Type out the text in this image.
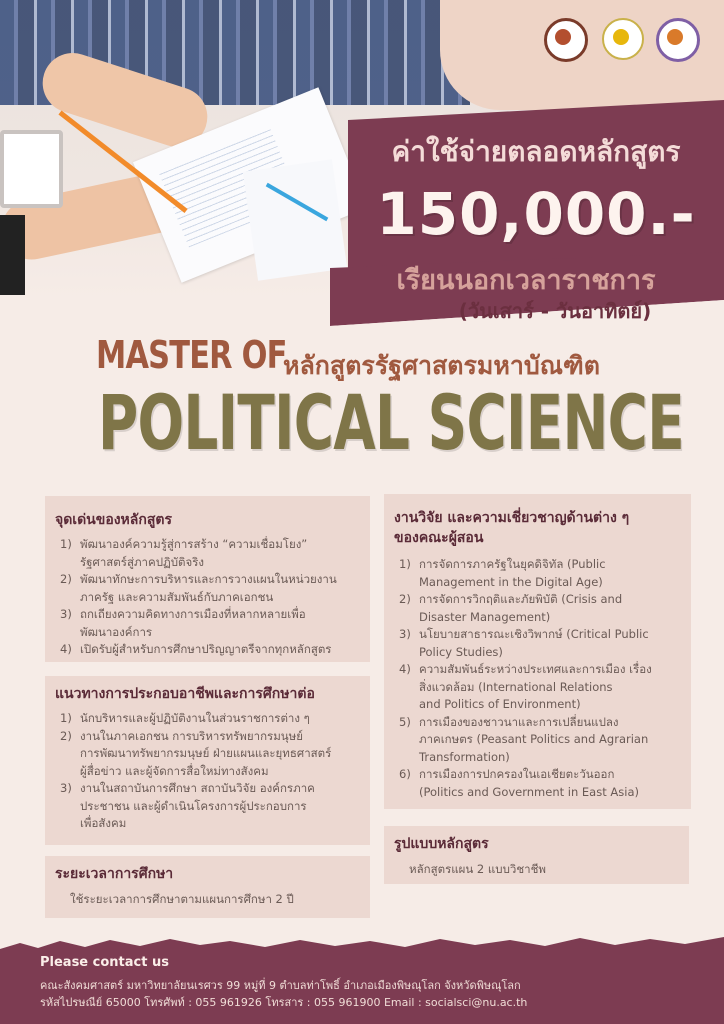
ค่าใช้จ่ายตลอดหลักสูตร
150,000.-
เรียนนอกเวลาราชการ
(วันเสาร์ - วันอาทิตย์)
MASTER OF
หลักสูตรรัฐศาสตรมหาบัณฑิต
POLITICAL SCIENCE
จุดเด่นของหลักสูตร
1) พัฒนาองค์ความรู้สู่การสร้าง “ความเชื่อมโยง”
รัฐศาสตร์สู่ภาคปฏิบัติจริง
2) พัฒนาทักษะการบริหารและการวางแผนในหน่วยงาน
ภาครัฐ และความสัมพันธ์กับภาคเอกชน
3) ถกเถียงความคิดทางการเมืองที่หลากหลายเพื่อ
พัฒนาองค์การ
4) เปิดรับผู้สำหรับการศึกษาปริญญาตรีจากทุกหลักสูตร
แนวทางการประกอบอาชีพและการศึกษาต่อ
1) นักบริหารและผู้ปฏิบัติงานในส่วนราชการต่าง ๆ
2) งานในภาคเอกชน การบริหารทรัพยากรมนุษย์
การพัฒนาทรัพยากรมนุษย์ ฝ่ายแผนและยุทธศาสตร์
ผู้สื่อข่าว และผู้จัดการสื่อใหม่ทางสังคม
3) งานในสถาบันการศึกษา สถาบันวิจัย องค์กรภาค
ประชาชน และผู้ดำเนินโครงการผู้ประกอบการ
เพื่อสังคม
ระยะเวลาการศึกษา
ใช้ระยะเวลาการศึกษาตามแผนการศึกษา 2 ปี
งานวิจัย และความเชี่ยวชาญด้านต่าง ๆ
ของคณะผู้สอน
1) การจัดการภาครัฐในยุคดิจิทัล (Public
Management in the Digital Age)
2) การจัดการวิกฤติและภัยพิบัติ (Crisis and
Disaster Management)
3) นโยบายสาธารณะเชิงวิพากษ์ (Critical Public
Policy Studies)
4) ความสัมพันธ์ระหว่างประเทศและการเมือง เรื่อง
สิ่งแวดล้อม (International Relations
and Politics of Environment)
5) การเมืองของชาวนาและการเปลี่ยนแปลง
ภาคเกษตร (Peasant Politics and Agrarian
Transformation)
6) การเมืองการปกครองในเอเชียตะวันออก
(Politics and Government in East Asia)
รูปแบบหลักสูตร
หลักสูตรแผน 2 แบบวิชาชีพ
Please contact us
คณะสังคมศาสตร์ มหาวิทยาลัยนเรศวร 99 หมู่ที่ 9 ตำบลท่าโพธิ์ อำเภอเมืองพิษณุโลก จังหวัดพิษณุโลก
รหัสไปรษณีย์ 65000 โทรศัพท์ : 055 961926 โทรสาร : 055 961900 Email : socialsci@nu.ac.th
